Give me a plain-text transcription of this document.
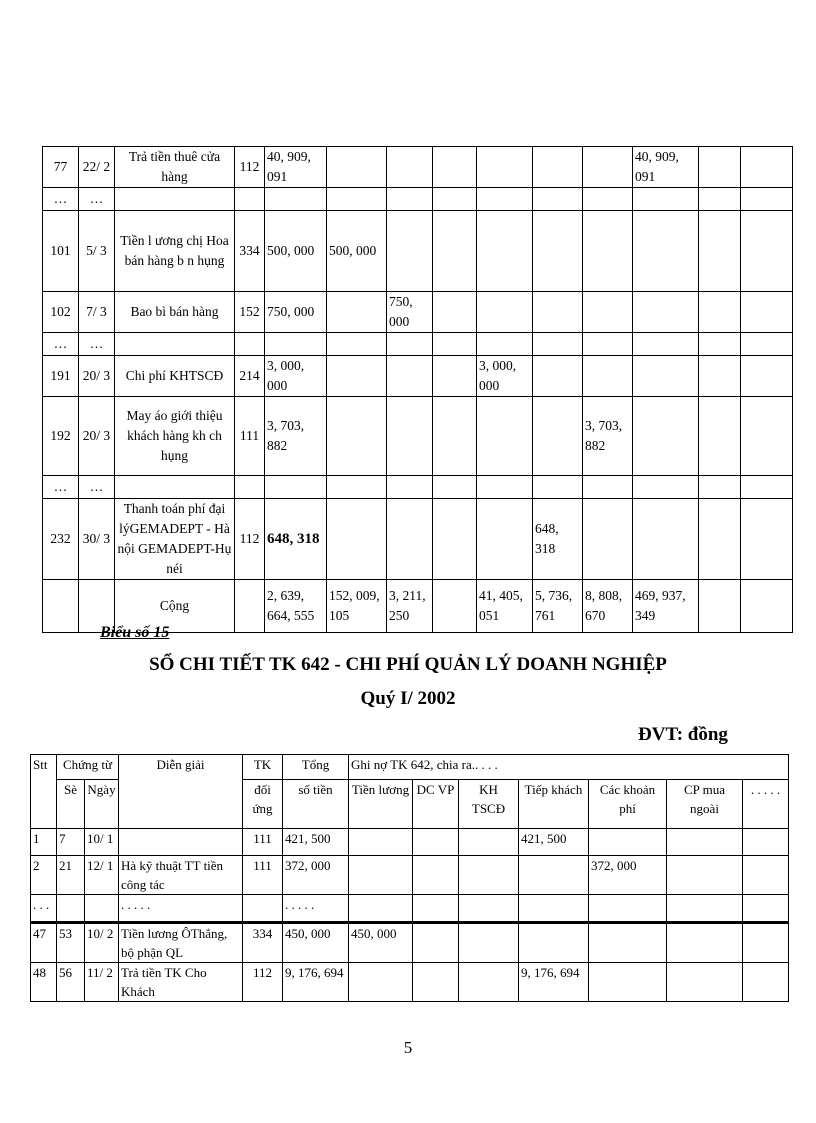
77	22/ 2	Trả tiền thuê cửa hàng	112	40, 909, 091							40, 909, 091		
…	…												
101	5/ 3	Tiền l ương chị Hoa bán hàng b n hụng	334	500, 000	500, 000								
102	7/ 3	Bao bì bán hàng	152	750, 000		750, 000							
…	…												
191	20/ 3	Chi phí KHTSCĐ	214	3, 000, 000				3, 000, 000					
192	20/ 3	May áo giới thiệu khách hàng kh ch hụng	111	3, 703, 882						3, 703, 882			
…	…												
232	30/ 3	Thanh toán phí đại lýGEMADEPT - Hà nội GEMADEPT-Hụ néi	112	648, 318					648, 318				
		Cộng		2, 639, 664, 555	152, 009, 105	3, 211, 250		41, 405, 051	5, 736, 761	8, 808, 670	469, 937, 349		
Biểu số 15
SỔ CHI TIẾT TK 642 - CHI PHÍ QUẢN LÝ DOANH NGHIỆP
Quý I/ 2002
ĐVT: đồng
Stt	Chứng từ		Diễn giải	TK	Tổng	Ghi nợ TK 642, chia ra.. . . .						
	Sè	Ngày		đối ứng	số tiền	Tiền lương	DC VP	KH TSCĐ	Tiếp khách	Các khoản phí	CP mua ngoài	. . . . .
1	7	10/ 1		111	421, 500				421, 500			
2	21	12/ 1	Hà kỹ thuật TT tiền công tác	111	372, 000					372, 000		
. . .			. . . . .		. . . . .							
47	53	10/ 2	Tiền lương ÔThắng, bộ phận QL	334	450, 000	450, 000						
48	56	11/ 2	Trả tiền TK Cho Khách	112	9, 176, 694				9, 176, 694			
5
